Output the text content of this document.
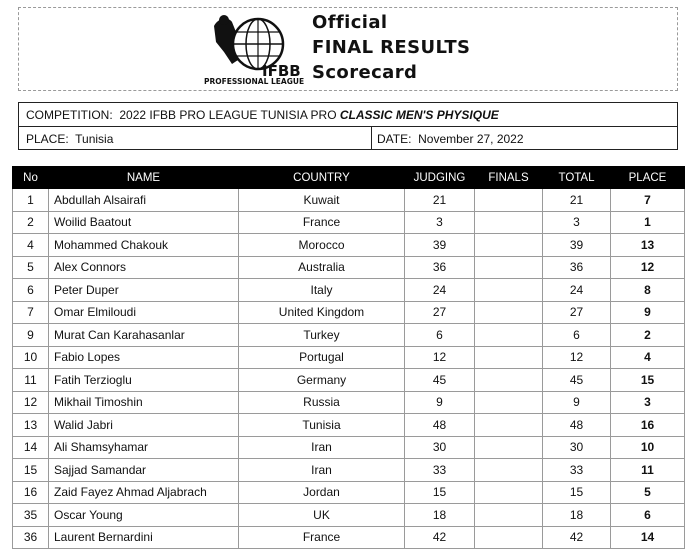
IFBB
PROFESSIONAL LEAGUE
Official
FINAL RESULTS
Scorecard
COMPETITION: 2022 IFBB PRO LEAGUE TUNISIA PRO CLASSIC MEN'S PHYSIQUE
PLACE: Tunisia	DATE: November 27, 2022
No	NAME	COUNTRY	JUDGING	FINALS	TOTAL	PLACE
1	Abdullah Alsairafi	Kuwait	21		21	7
2	Woilid Baatout	France	3		3	1
4	Mohammed Chakouk	Morocco	39		39	13
5	Alex Connors	Australia	36		36	12
6	Peter Duper	Italy	24		24	8
7	Omar Elmiloudi	United Kingdom	27		27	9
9	Murat Can Karahasanlar	Turkey	6		6	2
10	Fabio Lopes	Portugal	12		12	4
11	Fatih Terzioglu	Germany	45		45	15
12	Mikhail Timoshin	Russia	9		9	3
13	Walid Jabri	Tunisia	48		48	16
14	Ali Shamsyhamar	Iran	30		30	10
15	Sajjad Samandar	Iran	33		33	11
16	Zaid Fayez Ahmad Aljabrach	Jordan	15		15	5
35	Oscar Young	UK	18		18	6
36	Laurent Bernardini	France	42		42	14
